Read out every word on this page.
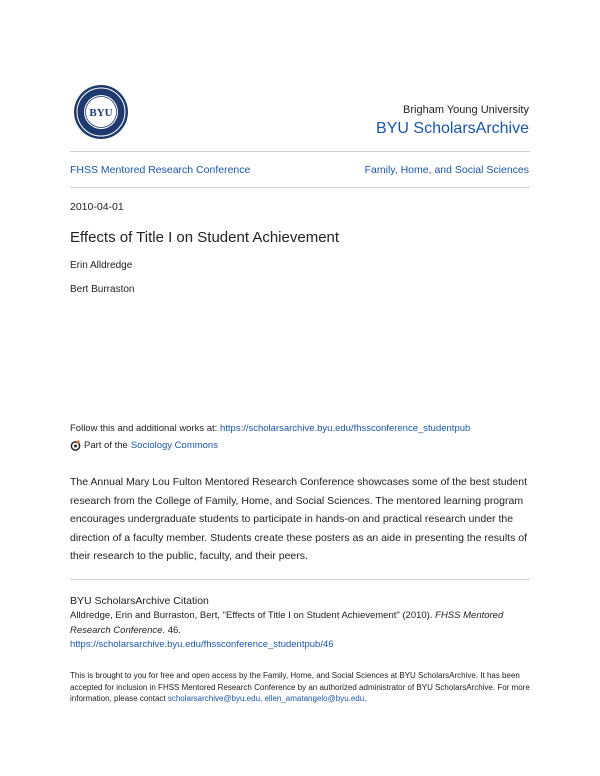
BYU	Brigham Young University
BYU ScholarsArchive
FHSS Mentored Research Conference	Family, Home, and Social Sciences
2010-04-01
Effects of Title I on Student Achievement
Erin Alldredge
Bert Burraston
Follow this and additional works at: https://scholarsarchive.byu.edu/fhssconference_studentpub
Part of the Sociology Commons
The Annual Mary Lou Fulton Mentored Research Conference showcases some of the best student research from the College of Family, Home, and Social Sciences. The mentored learning program encourages undergraduate students to participate in hands-on and practical research under the direction of a faculty member. Students create these posters as an aide in presenting the results of their research to the public, faculty, and their peers.
BYU ScholarsArchive Citation
Alldredge, Erin and Burraston, Bert, "Effects of Title I on Student Achievement" (2010). FHSS Mentored Research Conference. 46.
https://scholarsarchive.byu.edu/fhssconference_studentpub/46
This is brought to you for free and open access by the Family, Home, and Social Sciences at BYU ScholarsArchive. It has been accepted for inclusion in FHSS Mentored Research Conference by an authorized administrator of BYU ScholarsArchive. For more information, please contact scholarsarchive@byu.edu, ellen_amatangelo@byu.edu.
